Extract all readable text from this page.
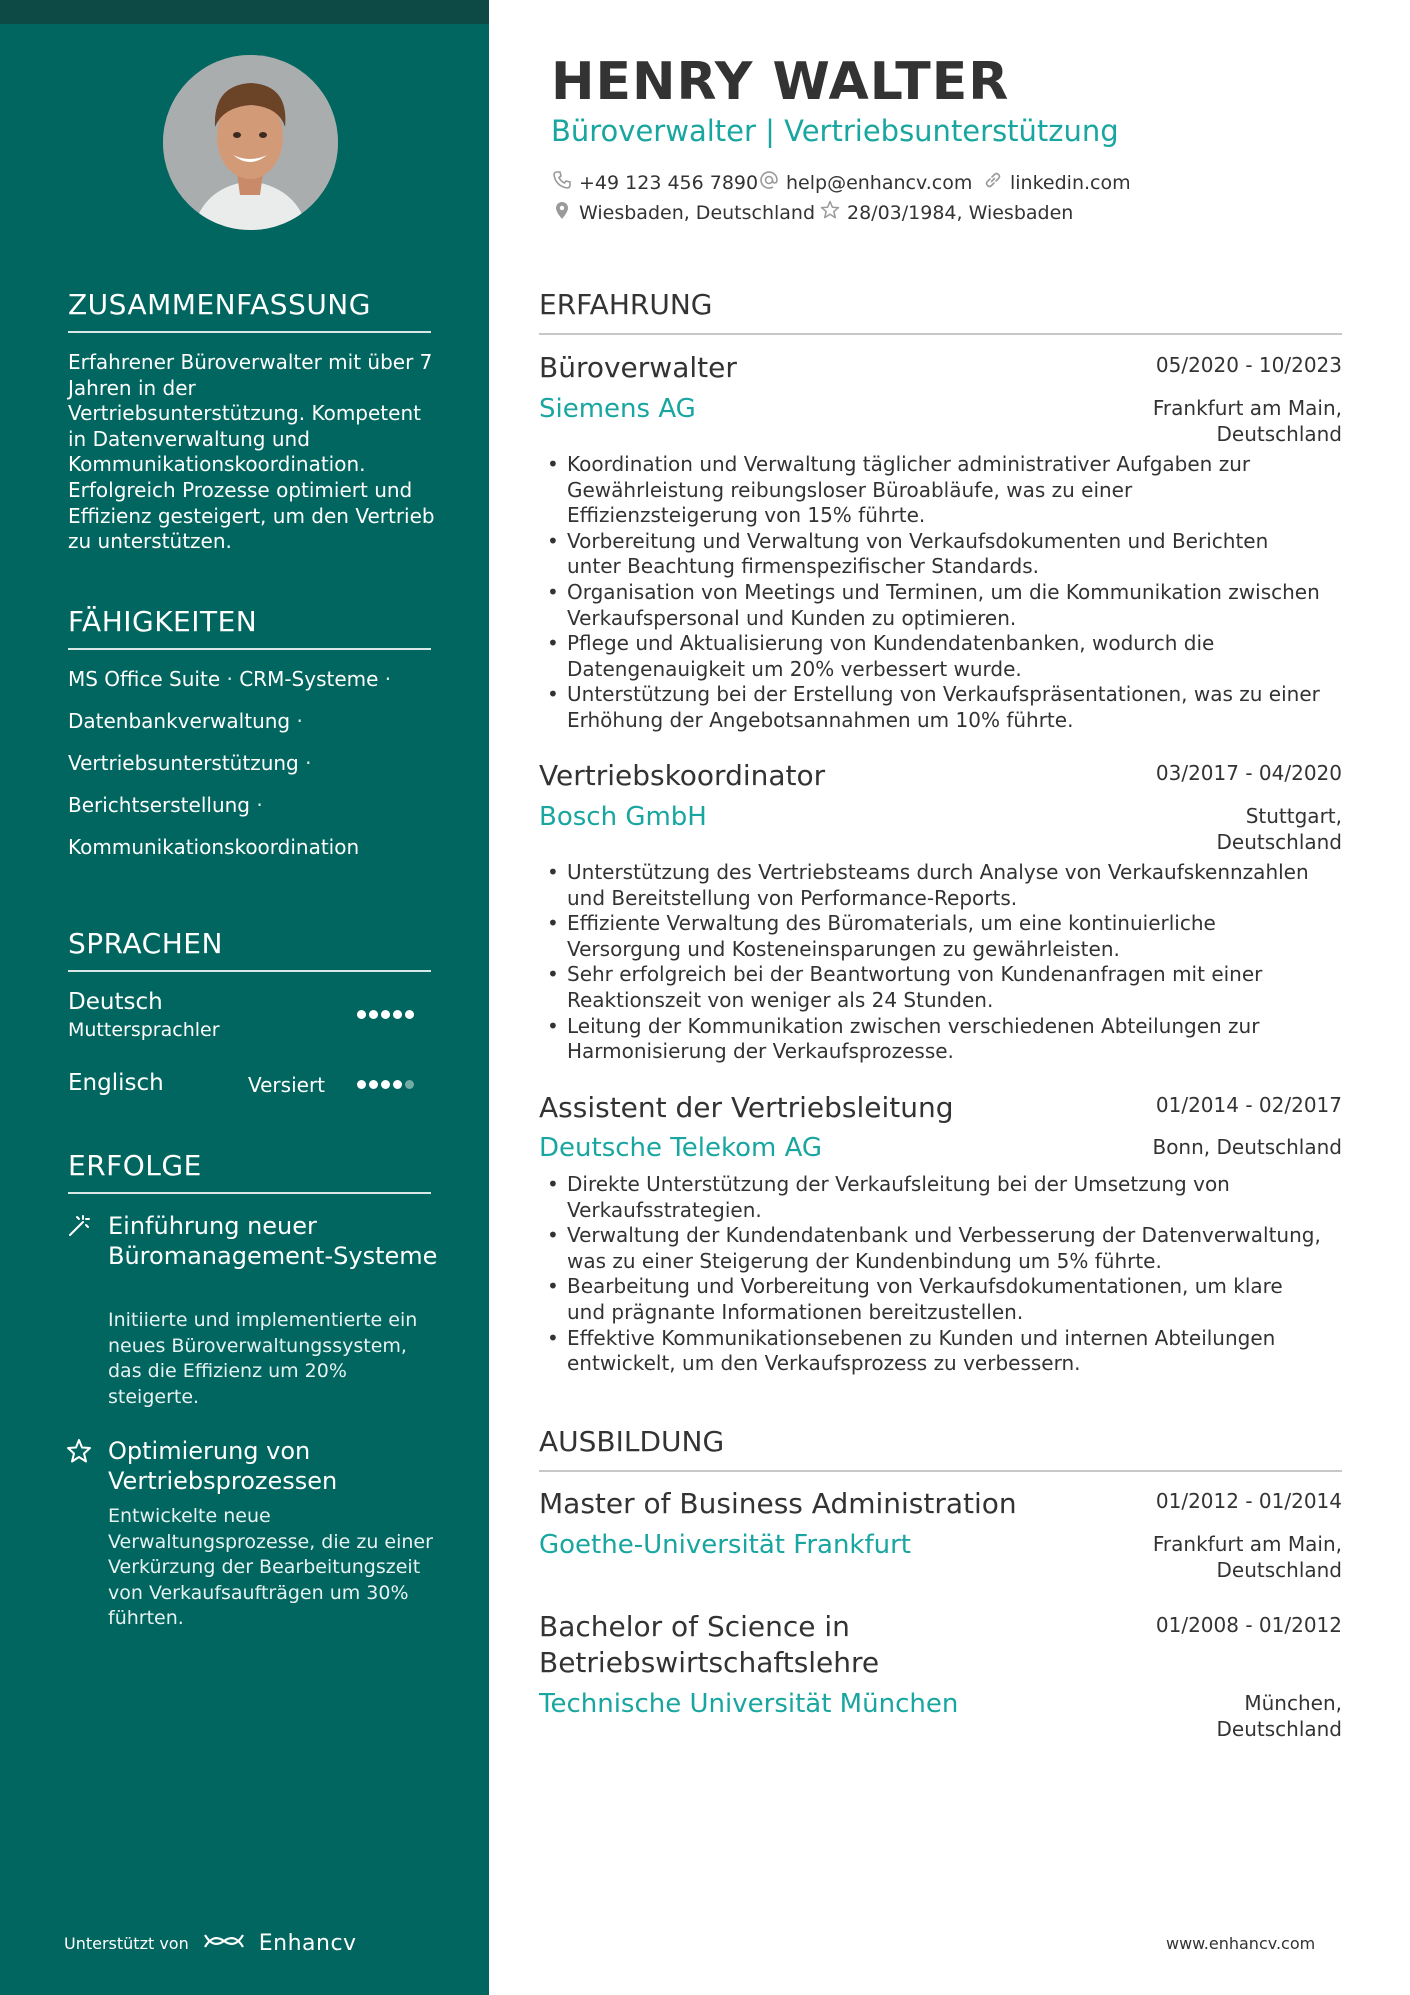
ZUSAMMENFASSUNG
Erfahrener Büroverwalter mit über 7 Jahren in der Vertriebsunterstützung. Kompetent in Datenverwaltung und Kommunikationskoordination. Erfolgreich Prozesse optimiert und Effizienz gesteigert, um den Vertrieb zu unterstützen.
FÄHIGKEITEN
MS Office Suite · CRM-Systeme ·
Datenbankverwaltung ·
Vertriebsunterstützung ·
Berichtserstellung ·
Kommunikationskoordination
SPRACHEN
Deutsch
Muttersprachler
Englisch	Versiert
ERFOLGE
Einführung neuer Büromanagement-Systeme
Initiierte und implementierte ein neues Büroverwaltungssystem, das die Effizienz um 20% steigerte.
Optimierung von Vertriebsprozessen
Entwickelte neue Verwaltungsprozesse, die zu einer Verkürzung der Bearbeitungszeit von Verkaufsaufträgen um 30% führten.
Unterstützt von	Enhancv
HENRY WALTER
Büroverwalter | Vertriebsunterstützung
+49 123 456 7890 help@enhancv.com linkedin.com
Wiesbaden, Deutschland 28/03/1984, Wiesbaden
ERFAHRUNG
Büroverwalter	05/2020 - 10/2023
Siemens AG	Frankfurt am Main,
Deutschland
• Koordination und Verwaltung täglicher administrativer Aufgaben zur Gewährleistung reibungsloser Büroabläufe, was zu einer Effizienzsteigerung von 15% führte.
• Vorbereitung und Verwaltung von Verkaufsdokumenten und Berichten unter Beachtung firmenspezifischer Standards.
• Organisation von Meetings und Terminen, um die Kommunikation zwischen Verkaufspersonal und Kunden zu optimieren.
• Pflege und Aktualisierung von Kundendatenbanken, wodurch die Datengenauigkeit um 20% verbessert wurde.
• Unterstützung bei der Erstellung von Verkaufspräsentationen, was zu einer Erhöhung der Angebotsannahmen um 10% führte.
Vertriebskoordinator	03/2017 - 04/2020
Bosch GmbH	Stuttgart,
Deutschland
• Unterstützung des Vertriebsteams durch Analyse von Verkaufskennzahlen und Bereitstellung von Performance-Reports.
• Effiziente Verwaltung des Büromaterials, um eine kontinuierliche Versorgung und Kosteneinsparungen zu gewährleisten.
• Sehr erfolgreich bei der Beantwortung von Kundenanfragen mit einer Reaktionszeit von weniger als 24 Stunden.
• Leitung der Kommunikation zwischen verschiedenen Abteilungen zur Harmonisierung der Verkaufsprozesse.
Assistent der Vertriebsleitung	01/2014 - 02/2017
Deutsche Telekom AG	Bonn, Deutschland
• Direkte Unterstützung der Verkaufsleitung bei der Umsetzung von Verkaufsstrategien.
• Verwaltung der Kundendatenbank und Verbesserung der Datenverwaltung, was zu einer Steigerung der Kundenbindung um 5% führte.
• Bearbeitung und Vorbereitung von Verkaufsdokumentationen, um klare und prägnante Informationen bereitzustellen.
• Effektive Kommunikationsebenen zu Kunden und internen Abteilungen entwickelt, um den Verkaufsprozess zu verbessern.
AUSBILDUNG
Master of Business Administration	01/2012 - 01/2014
Goethe-Universität Frankfurt	Frankfurt am Main,
Deutschland
Bachelor of Science in
Betriebswirtschaftslehre
01/2008 - 01/2012
Technische Universität München	München,
Deutschland
www.enhancv.com
